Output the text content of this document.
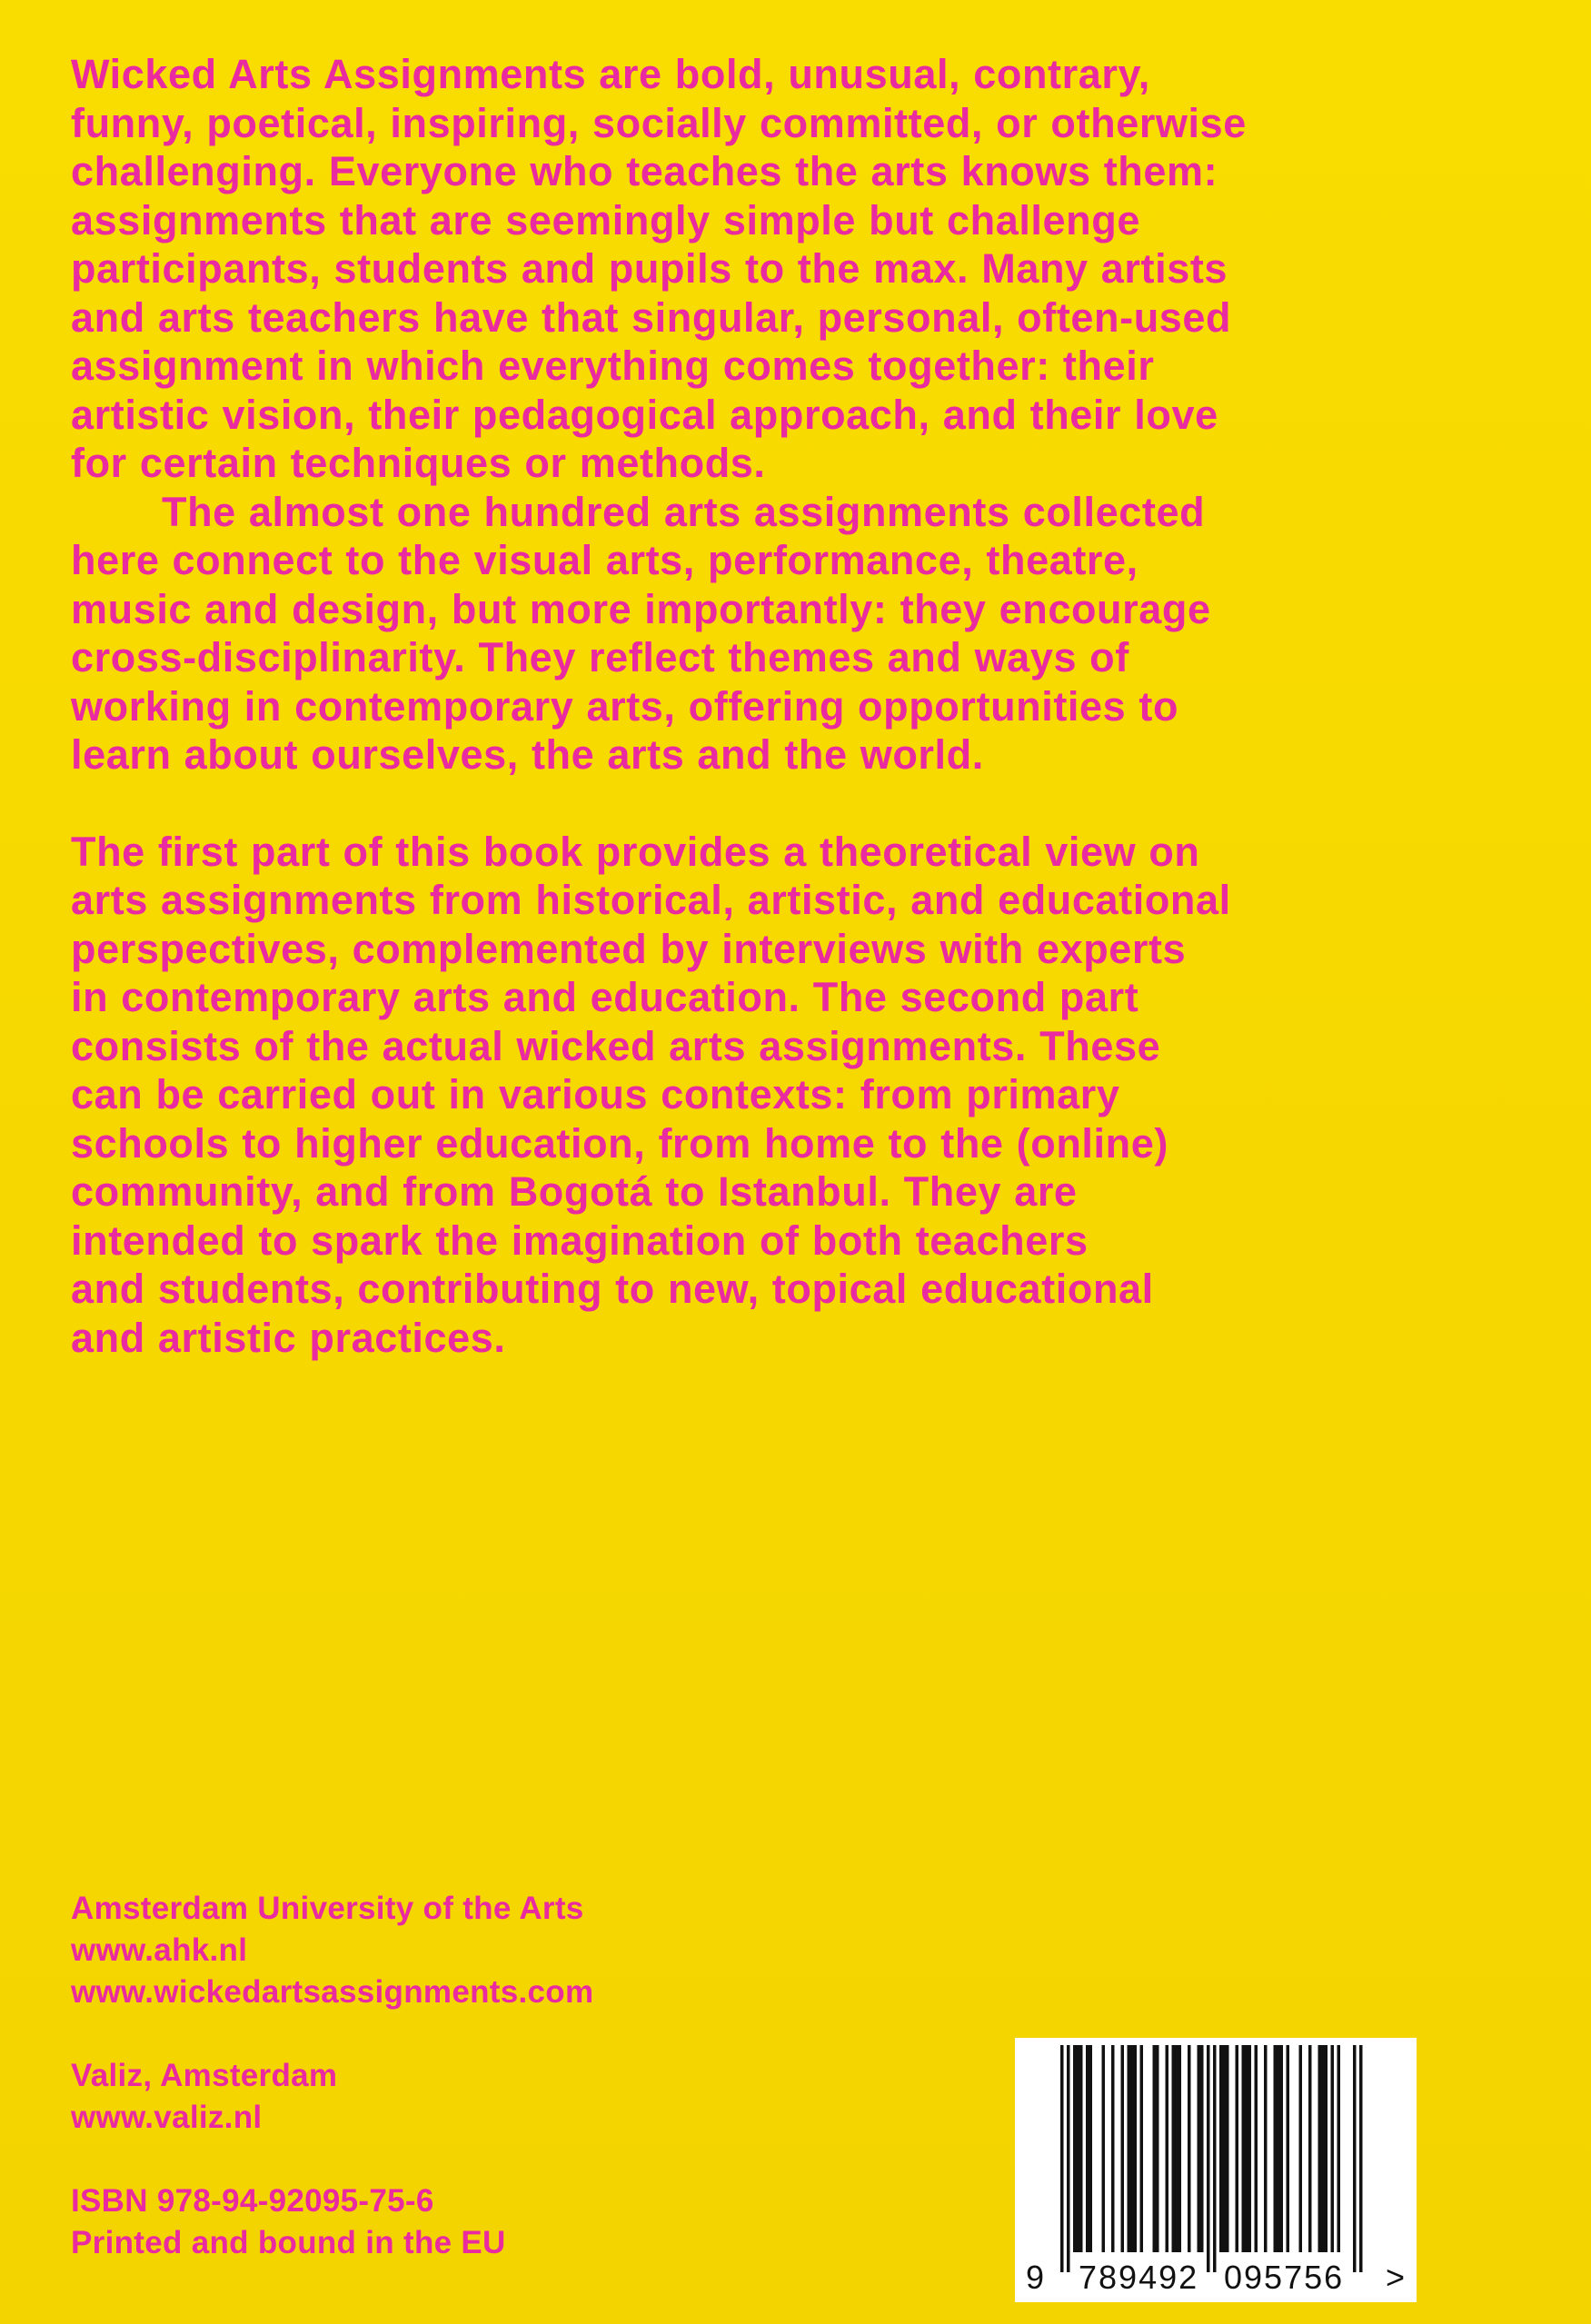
Wicked Arts Assignments are bold, unusual, contrary,
funny, poetical, inspiring, socially committed, or otherwise
challenging. Everyone who teaches the arts knows them:
assignments that are seemingly simple but challenge
participants, students and pupils to the max. Many artists
and arts teachers have that singular, personal, often-used
assignment in which everything comes together: their
artistic vision, their pedagogical approach, and their love
for certain techniques or methods.

The almost one hundred arts assignments collected
here connect to the visual arts, performance, theatre,
music and design, but more importantly: they encourage
cross-disciplinarity. They reflect themes and ways of
working in contemporary arts, offering opportunities to
learn about ourselves, the arts and the world.

The first part of this book provides a theoretical view on
arts assignments from historical, artistic, and educational
perspectives, complemented by interviews with experts
in contemporary arts and education. The second part
consists of the actual wicked arts assignments. These
can be carried out in various contexts: from primary
schools to higher education, from home to the (online)
community, and from Bogotá to Istanbul. They are
intended to spark the imagination of both teachers
and students, contributing to new, topical educational
and artistic practices.

Amsterdam University of the Arts
www.ahk.nl
www.wickedartsassignments.com
Valiz, Amsterdam
www.valiz.nl
ISBN 978-94-92095-75-6
Printed and bound in the EU
9 789492 095756 >
